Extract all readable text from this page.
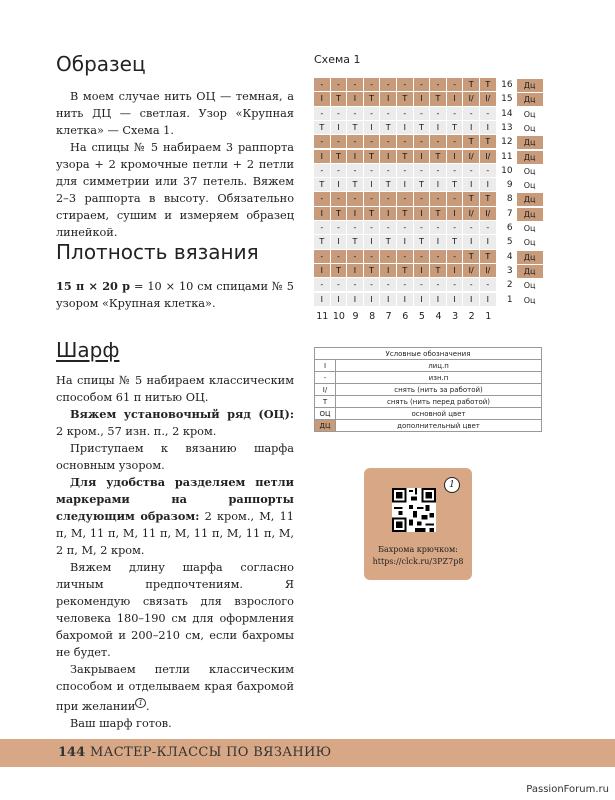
Образец

В моем случае нить ОЦ — темная, а нить ДЦ — светлая. Узор «Крупная клетка» — Схема 1.

На спицы № 5 набираем 3 раппорта узора + 2 кромочные петли + 2 петли для симметрии или 37 петель. Вяжем 2–3 раппорта в высоту. Обязательно стираем, сушим и измеряем образец линейкой.

Плотность вязания

15 п × 20 р = 10 × 10 см спицами № 5 узором «Крупная клетка».

Шарф

На спицы № 5 набираем классическим способом 61 п нитью ОЦ.

Вяжем установочный ряд (ОЦ): 2 кром., 57 изн. п., 2 кром.

Приступаем к вязанию шарфа основным узором.

Для удобства разделяем петли маркерами на раппорты следующим образом: 2 кром., М, 11 п, М, 11 п, М, 11 п, М, 11 п, М, 11 п, М, 2 п, М, 2 кром.

Вяжем длину шарфа согласно личным предпочтениям. Я рекомендую связать для взрослого человека 180–190 см для оформления бахромой и 200–210 см, если бахромы не будет.

Закрываем петли классическим способом и отделываем края бахромой при желании $^1$ .

Ваш шарф готов.

Схема 1
-	-	-	-	-	-	-	-	-	T	T	16	Дц
I	T	I	T	I	T	I	T	I	I/	I/	15	Дц
-	-	-	-	-	-	-	-	-	-	-	14	Оц
T	I	T	I	T	I	T	I	T	I	I	13	Оц
-	-	-	-	-	-	-	-	-	T	T	12	Дц
I	T	I	T	I	T	I	T	I	I/	I/	11	Дц
-	-	-	-	-	-	-	-	-	-	-	10	Оц
T	I	T	I	T	I	T	I	T	I	I	9	Оц
-	-	-	-	-	-	-	-	-	T	T	8	Дц
I	T	I	T	I	T	I	T	I	I/	I/	7	Дц
-	-	-	-	-	-	-	-	-	-	-	6	Оц
T	I	T	I	T	I	T	I	T	I	I	5	Оц
-	-	-	-	-	-	-	-	-	T	T	4	Дц
I	T	I	T	I	T	I	T	I	I/	I/	3	Дц
-	-	-	-	-	-	-	-	-	-	-	2	Оц
I	I	I	I	I	I	I	I	I	I	I	1	Оц
11 10 9	8	7	6	5	4	3	2	1
Условные обозначения	
I	лиц.п
-	изн.п
I/	снять (нить за работой)
T	снять (нить перед работой)
ОЦ	основной цвет
ДЦ	дополнительный цвет
1
Бахрома крючком:
https://clck.ru/3PZ7p8
144 МАСТЕР-КЛАССЫ ПО ВЯЗАНИЮ
PassionForum.ru
